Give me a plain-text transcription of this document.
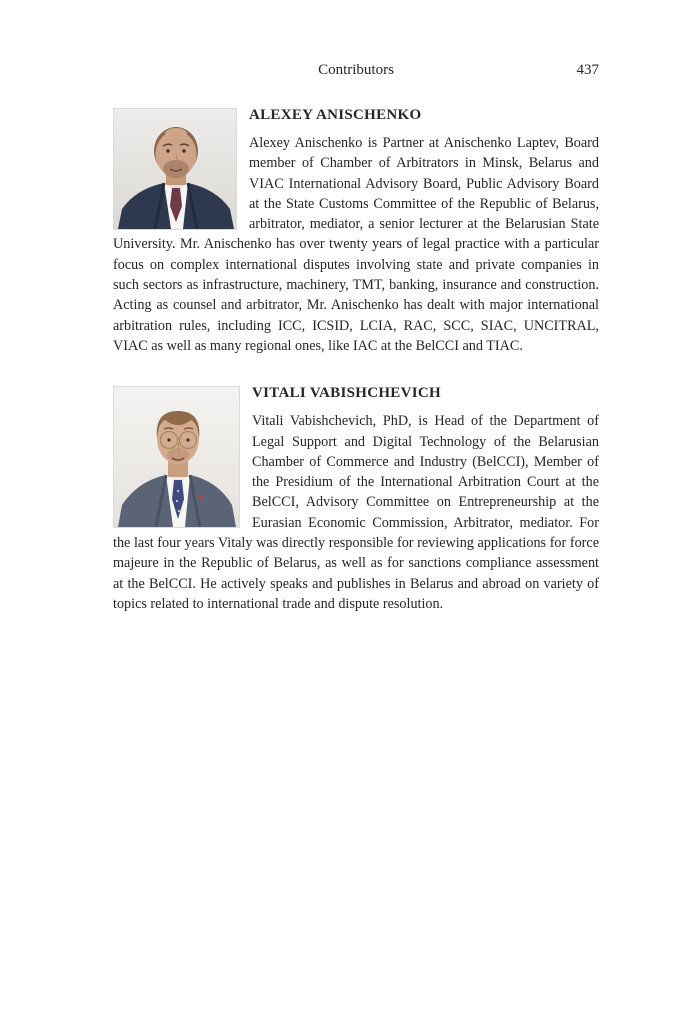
Contributors	437
ALEXEY ANISCHENKO

Alexey Anischenko is Partner at Anischenko Laptev, Board member of Chamber of Arbitrators in Minsk, Belarus and VIAC International Advisory Board, Public Advisory Board at the State Customs Committee of the Republic of Belarus, arbitrator, mediator, a senior lecturer at the Belarusian State University. Mr. Anischenko has over twenty years of legal practice with a particular focus on complex international disputes involving state and private companies in such sectors as infrastructure, machinery, TMT, banking, insurance and construction. Acting as counsel and arbitrator, Mr. Anischenko has dealt with major international arbitration rules, including ICC, ICSID, LCIA, RAC, SCC, SIAC, UNCITRAL, VIAC as well as many regional ones, like IAC at the BelCCI and TIAC.

VITALI VABISHCHEVICH

Vitali Vabishchevich, PhD, is Head of the Department of Legal Support and Digital Technology of the Belarusian Chamber of Commerce and Industry (BelCCI), Member of the Presidium of the International Arbitration Court at the BelCCI, Advisory Committee on Entrepreneurship at the Eurasian Economic Commission, Arbitrator, mediator. For the last four years Vitaly was directly responsible for reviewing applications for force majeure in the Republic of Belarus, as well as for sanctions compliance assessment at the BelCCI. He actively speaks and publishes in Belarus and abroad on variety of topics related to international trade and dispute resolution.
